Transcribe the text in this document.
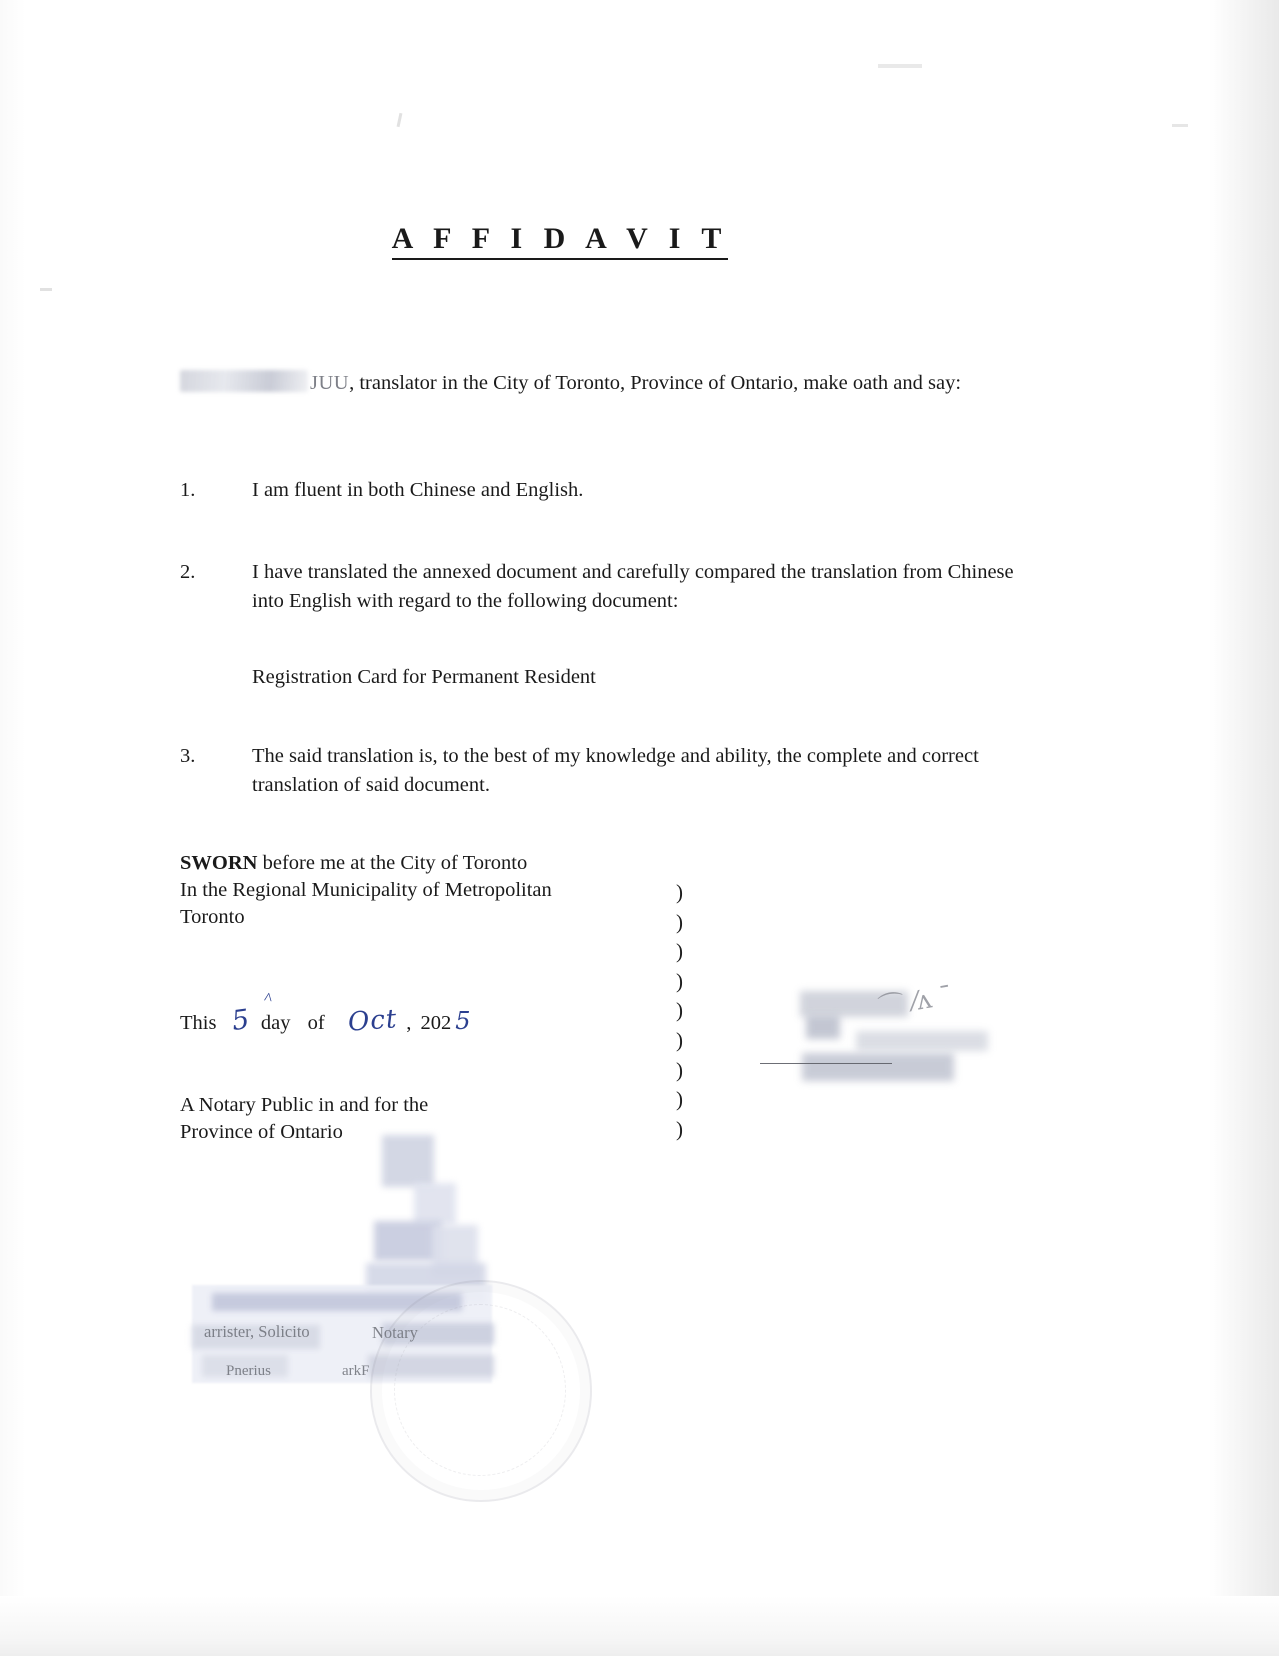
A F F I D A V I T
JUU, translator in the City of Toronto, Province of Ontario, make oath and say:
1.	I am fluent in both Chinese and English.
2.	I have translated the annexed document and carefully compared the translation from Chinese into English with regard to the following document:
Registration Card for Permanent Resident
3.	The said translation is, to the best of my knowledge and ability, the complete and correct translation of said document.
SWORN before me at the City of Toronto
In the Regional Municipality of Metropolitan
Toronto
)
)
)
)
)
)
)
)
)
^
This 5 day of Oct , 202 5
A Notary Public in and for the
Province of Ontario
⌒ ⁄ᴧ ˉ
arrister, Solicito	Notary
Pnerius	arkF
